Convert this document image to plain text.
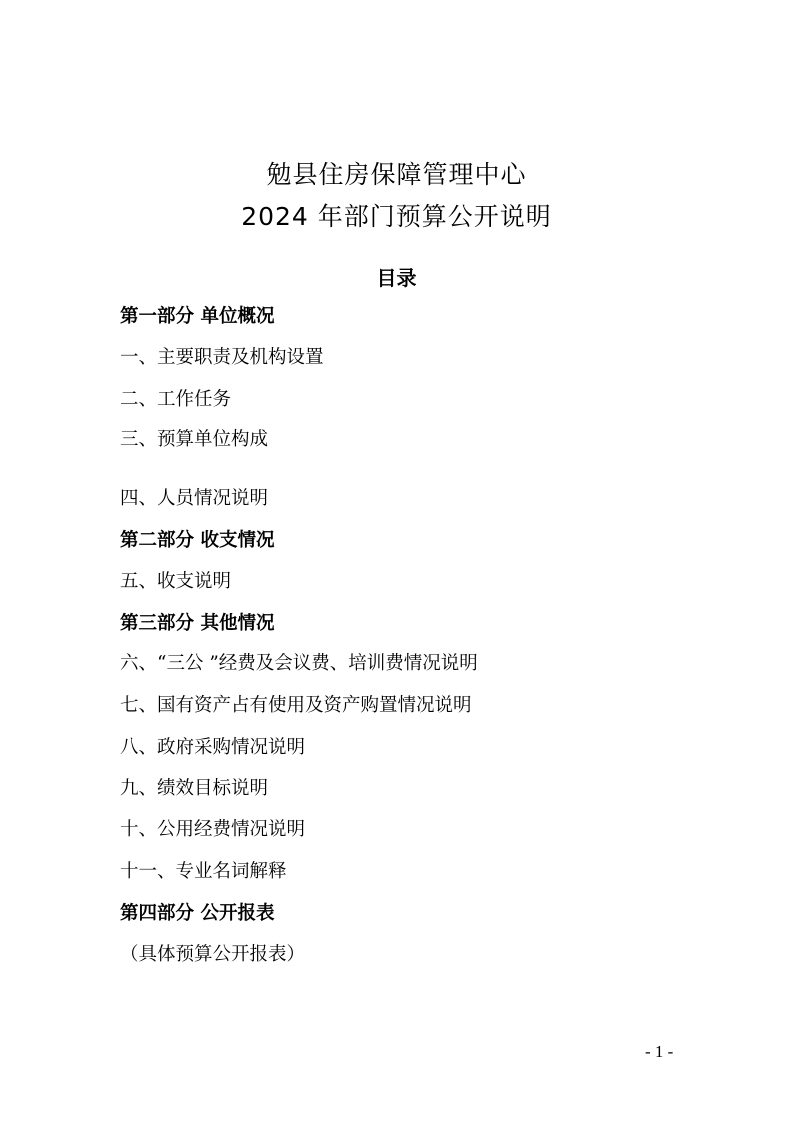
勉县住房保障管理中心
2024 年部门预算公开说明
目录
第一部分 单位概况
一、主要职责及机构设置
二、工作任务
三、预算单位构成
四、人员情况说明
第二部分 收支情况
五、收支说明
第三部分 其他情况
六、“三公 ”经费及会议费、培训费情况说明
七、国有资产占有使用及资产购置情况说明
八、政府采购情况说明
九、绩效目标说明
十、公用经费情况说明
十一、专业名词解释
第四部分 公开报表
（具体预算公开报表）
- 1 -
